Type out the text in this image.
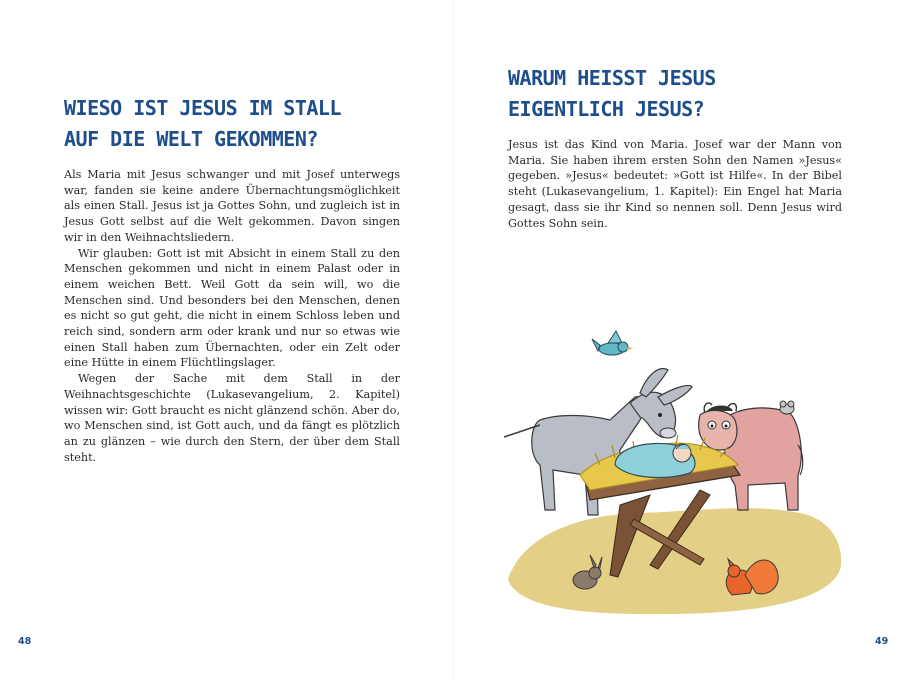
WIESO IST JESUS IM STALL
AUF DIE WELT GEKOMMEN?

Als Maria mit Jesus schwanger und mit Josef unterwegs war, fanden sie keine andere Übernachtungsmöglichkeit als einen Stall. Jesus ist ja Gottes Sohn, und zugleich ist in Jesus Gott selbst auf die Welt gekommen. Davon singen wir in den Weihnachtsliedern.

Wir glauben: Gott ist mit Absicht in einem Stall zu den Menschen gekommen und nicht in einem Palast oder in einem weichen Bett. Weil Gott da sein will, wo die Menschen sind. Und besonders bei den Menschen, denen es nicht so gut geht, die nicht in einem Schloss leben und reich sind, sondern arm oder krank und nur so etwas wie einen Stall haben zum Übernachten, oder ein Zelt oder eine Hütte in einem Flüchtlingslager.

Wegen der Sache mit dem Stall in der Weihnachtsgeschichte (Lukasevangelium, 2. Kapitel) wissen wir: Gott braucht es nicht glänzend schön. Aber do, wo Menschen sind, ist Gott auch, und da fängt es plötzlich an zu glänzen – wie durch den Stern, der über dem Stall steht.

48
WARUM HEISST JESUS
EIGENTLICH JESUS?

Jesus ist das Kind von Maria. Josef war der Mann von Maria. Sie haben ihrem ersten Sohn den Namen »Jesus« gegeben. »Jesus« bedeutet: »Gott ist Hilfe«. In der Bibel steht (Lukasevangelium, 1. Kapitel): Ein Engel hat Maria gesagt, dass sie ihr Kind so nennen soll. Denn Jesus wird Gottes Sohn sein.

49
